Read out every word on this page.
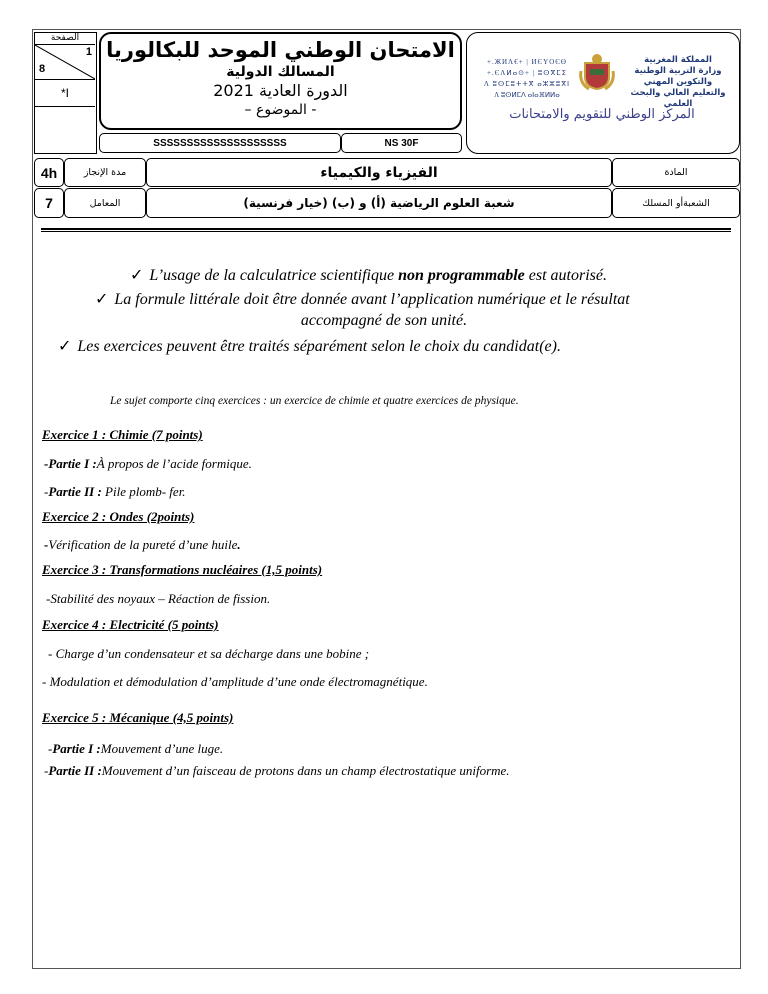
الصفحة
1
8
*I
الامتحان الوطني الموحد للبكالوريا
المسالك الدولية
الدورة العادية 2021
- الموضوع –
SSSSSSSSSSSSSSSSSSSS	NS 30F
المملكة المغربية
وزارة التربية الوطنية
والتكوين المهني
والتعليم العالي والبحث العلمي
+.ЖИΛ€+ | ИЄҮОЄӨ
+.ЄΛⵍⴰ⊙+ | ⵓⵙⴳⵎⵉ
Λ ⵓⵙⵎⵓⵜⵜⴳ ⴰⵣⵣⵓⴳⵏ
Λ ⵓⵙⵍⵎⴷ ⴰⵏⴰⴼⵍⵍⴰ
المركز الوطني للتقويم والامتحانات
4h	مدة الإنجاز	الفيزياء والكيمياء	المادة
7	المعامل	شعبة العلوم الرياضية (أ) و (ب) (خيار فرنسية)	الشعبةأو المسلك
✓ L’usage de la calculatrice scientifique non programmable est autorisé.
✓ La formule littérale doit être donnée avant l’application numérique et le résultat
accompagné de son unité.
✓ Les exercices peuvent être traités séparément selon le choix du candidat(e).
Le sujet comporte cinq exercices : un exercice de chimie et quatre exercices de physique.
Exercice 1 : Chimie (7 points)
-Partie I :À propos de l’acide formique.
-Partie II : Pile plomb- fer.
Exercice 2 : Ondes (2points)
-Vérification de la pureté d’une huile.
Exercice 3 : Transformations nucléaires (1,5 points)
-Stabilité des noyaux – Réaction de fission.
Exercice 4 : Electricité (5 points)
- Charge d’un condensateur et sa décharge dans une bobine ;
- Modulation et démodulation d’amplitude d’une onde électromagnétique.
Exercice 5 : Mécanique (4,5 points)
-Partie I :Mouvement d’une luge.
-Partie II :Mouvement d’un faisceau de protons dans un champ électrostatique uniforme.
